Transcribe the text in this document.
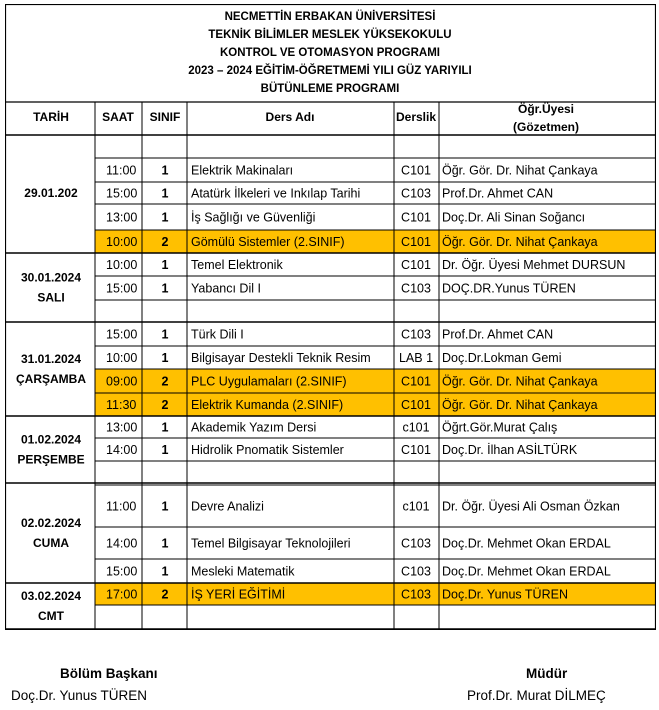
NECMETTİN ERBAKAN ÜNİVERSİTESİ
TEKNİK BİLİMLER MESLEK YÜKSEKOKULU
KONTROL VE OTOMASYON PROGRAMI
2023 – 2024 EĞİTİM-ÖĞRETMEMİ YILI GÜZ YARIYILI
BÜTÜNLEME PROGRAMI
TARİH	SAAT SINIF	Ders Adı	Derslik
Öğr.Üyesi
(Gözetmen)
29.01.202
11:00 1 Elektrik Makinaları	C101 Öğr. Gör. Dr. Nihat Çankaya
15:00 1 Atatürk İlkeleri ve Inkılap Tarihi	C103 Prof.Dr. Ahmet CAN
13:00 1 İş Sağlığı ve Güvenliği	C101 Doç.Dr. Ali Sinan Soğancı
10:00 2 Gömülü Sistemler (2.SINIF)	C101 Öğr. Gör. Dr. Nihat Çankaya
30.01.2024
SALI
10:00 1 Temel Elektronik	C101 Dr. Öğr. Üyesi Mehmet DURSUN
15:00 1 Yabancı Dil I	C103 DOÇ.DR.Yunus TÜREN
31.01.2024
ÇARŞAMBA
15:00 1 Türk Dili I	C103 Prof.Dr. Ahmet CAN
10:00 1 Bilgisayar Destekli Teknik Resim LAB 1 Doç.Dr.Lokman Gemi
09:00 2 PLC Uygulamaları (2.SINIF)	C101 Öğr. Gör. Dr. Nihat Çankaya
11:30 2 Elektrik Kumanda (2.SINIF)	C101 Öğr. Gör. Dr. Nihat Çankaya
01.02.2024
PERŞEMBE
13:00 1 Akademik Yazım Dersi	c101 Öğrt.Gör.Murat Çalış
14:00 1 Hidrolik Pnomatik Sistemler	C101 Doç.Dr. İlhan ASİLTÜRK
02.02.2024
CUMA
11:00 1 Devre Analizi	c101 Dr. Öğr. Üyesi Ali Osman Özkan
14:00 1 Temel Bilgisayar Teknolojileri	C103 Doç.Dr. Mehmet Okan ERDAL
15:00 1 Mesleki Matematik	C103 Doç.Dr. Mehmet Okan ERDAL
03.02.2024
CMT
17:00 2 İŞ YERİ EĞİTİMİ	C103 Doç.Dr. Yunus TÜREN
Bölüm Başkanı
Doç.Dr. Yunus TÜREN
Müdür
Prof.Dr. Murat DİLMEÇ
